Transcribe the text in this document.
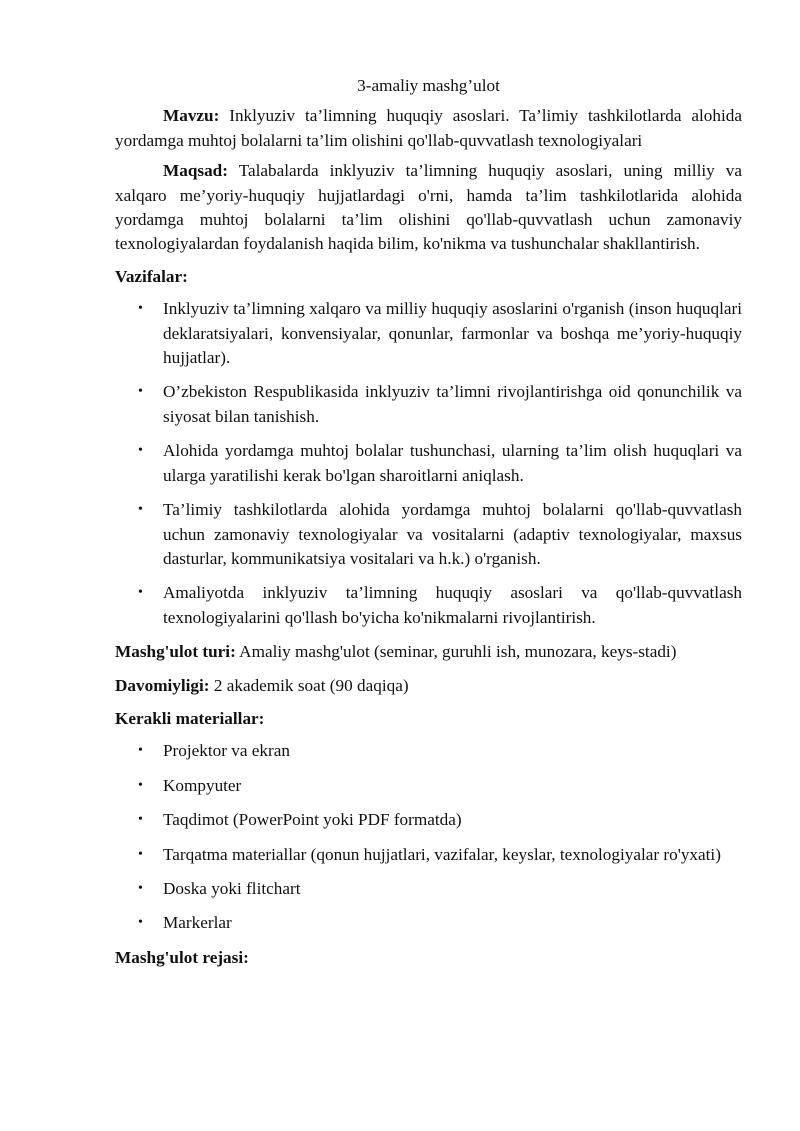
3-amaliy mashg’ulot

Mavzu: Inklyuziv ta’limning huquqiy asoslari. Ta’limiy tashkilotlarda alohida yordamga muhtoj bolalarni ta’lim olishini qo'llab-quvvatlash texnologiyalari

Maqsad: Talabalarda inklyuziv ta’limning huquqiy asoslari, uning milliy va xalqaro me’yoriy-huquqiy hujjatlardagi o'rni, hamda ta’lim tashkilotlarida alohida yordamga muhtoj bolalarni ta’lim olishini qo'llab-quvvatlash uchun zamonaviy texnologiyalardan foydalanish haqida bilim, ko'nikma va tushunchalar shakllantirish.

Vazifalar:
• Inklyuziv ta’limning xalqaro va milliy huquqiy asoslarini o'rganish (inson huquqlari deklaratsiyalari, konvensiyalar, qonunlar, farmonlar va boshqa me’yoriy-huquqiy hujjatlar).
• O’zbekiston Respublikasida inklyuziv ta’limni rivojlantirishga oid qonunchilik va siyosat bilan tanishish.
• Alohida yordamga muhtoj bolalar tushunchasi, ularning ta’lim olish huquqlari va ularga yaratilishi kerak bo'lgan sharoitlarni aniqlash.
• Ta’limiy tashkilotlarda alohida yordamga muhtoj bolalarni qo'llab-quvvatlash uchun zamonaviy texnologiyalar va vositalarni (adaptiv texnologiyalar, maxsus dasturlar, kommunikatsiya vositalari va h.k.) o'rganish.
• Amaliyotda inklyuziv ta’limning huquqiy asoslari va qo'llab-quvvatlash texnologiyalarini qo'llash bo'yicha ko'nikmalarni rivojlantirish.
Mashg'ulot turi: Amaliy mashg'ulot (seminar, guruhli ish, munozara, keys-stadi)
Davomiyligi: 2 akademik soat (90 daqiqa)
Kerakli materiallar:
• Projektor va ekran
• Kompyuter
• Taqdimot (PowerPoint yoki PDF formatda)
• Tarqatma materiallar (qonun hujjatlari, vazifalar, keyslar, texnologiyalar ro'yxati)
• Doska yoki flitchart
• Markerlar
Mashg'ulot rejasi:
